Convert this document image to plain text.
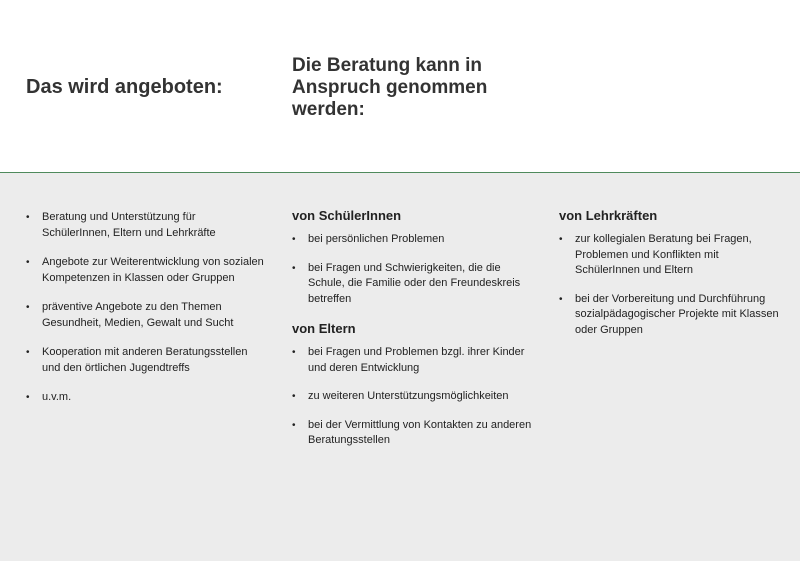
Das wird angeboten:
Die Beratung kann in Anspruch genommen werden:
• Beratung und Unterstützung für SchülerInnen, Eltern und Lehrkräfte
• Angebote zur Weiterentwicklung von sozialen Kompetenzen in Klassen oder Gruppen
• präventive Angebote zu den Themen Gesundheit, Medien, Gewalt und Sucht
• Kooperation mit anderen Beratungsstellen und den örtlichen Jugendtreffs
• u.v.m.
von SchülerInnen
• bei persönlichen Problemen
• bei Fragen und Schwierigkeiten, die die Schule, die Familie oder den Freundeskreis betreffen
von Eltern
• bei Fragen und Problemen bzgl. ihrer Kinder und deren Entwicklung
• zu weiteren Unterstützungsmöglichkeiten
• bei der Vermittlung von Kontakten zu anderen Beratungsstellen
von Lehrkräften
• zur kollegialen Beratung bei Fragen, Problemen und Konflikten mit SchülerInnen und Eltern
• bei der Vorbereitung und Durchführung sozialpädagogischer Projekte mit Klassen oder Gruppen
